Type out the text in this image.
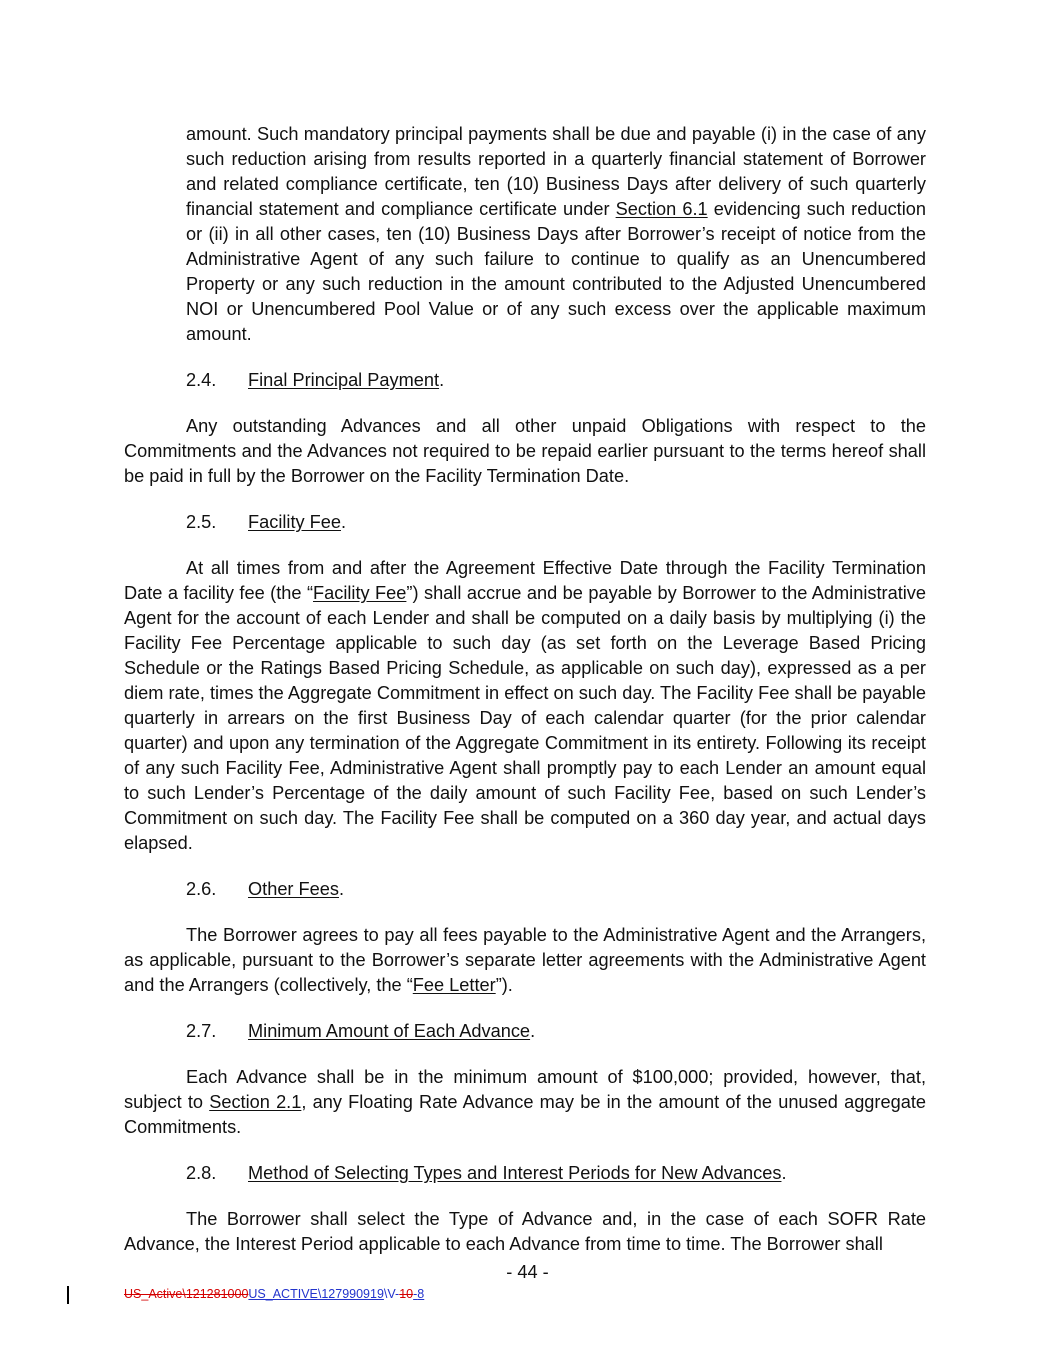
amount. Such mandatory principal payments shall be due and payable (i) in the case of any such reduction arising from results reported in a quarterly financial statement of Borrower and related compliance certificate, ten (10) Business Days after delivery of such quarterly financial statement and compliance certificate under Section 6.1 evidencing such reduction or (ii) in all other cases, ten (10) Business Days after Borrower’s receipt of notice from the Administrative Agent of any such failure to continue to qualify as an Unencumbered Property or any such reduction in the amount contributed to the Adjusted Unencumbered NOI or Unencumbered Pool Value or of any such excess over the applicable maximum amount.

2.4. Final Principal Payment.

Any outstanding Advances and all other unpaid Obligations with respect to the Commitments and the Advances not required to be repaid earlier pursuant to the terms hereof shall be paid in full by the Borrower on the Facility Termination Date.

2.5. Facility Fee.

At all times from and after the Agreement Effective Date through the Facility Termination Date a facility fee (the “Facility Fee”) shall accrue and be payable by Borrower to the Administrative Agent for the account of each Lender and shall be computed on a daily basis by multiplying (i) the Facility Fee Percentage applicable to such day (as set forth on the Leverage Based Pricing Schedule or the Ratings Based Pricing Schedule, as applicable on such day), expressed as a per diem rate, times the Aggregate Commitment in effect on such day. The Facility Fee shall be payable quarterly in arrears on the first Business Day of each calendar quarter (for the prior calendar quarter) and upon any termination of the Aggregate Commitment in its entirety. Following its receipt of any such Facility Fee, Administrative Agent shall promptly pay to each Lender an amount equal to such Lender’s Percentage of the daily amount of such Facility Fee, based on such Lender’s Commitment on such day. The Facility Fee shall be computed on a 360 day year, and actual days elapsed.

2.6. Other Fees.

The Borrower agrees to pay all fees payable to the Administrative Agent and the Arrangers, as applicable, pursuant to the Borrower’s separate letter agreements with the Administrative Agent and the Arrangers (collectively, the “Fee Letter”).

2.7. Minimum Amount of Each Advance.

Each Advance shall be in the minimum amount of $100,000; provided, however, that, subject to Section 2.1, any Floating Rate Advance may be in the amount of the unused aggregate Commitments.

2.8. Method of Selecting Types and Interest Periods for New Advances.

The Borrower shall select the Type of Advance and, in the case of each SOFR Rate Advance, the Interest Period applicable to each Advance from time to time. The Borrower shall

- 44 -
US_Active\121281000US_ACTIVE\127990919\V-10-8
